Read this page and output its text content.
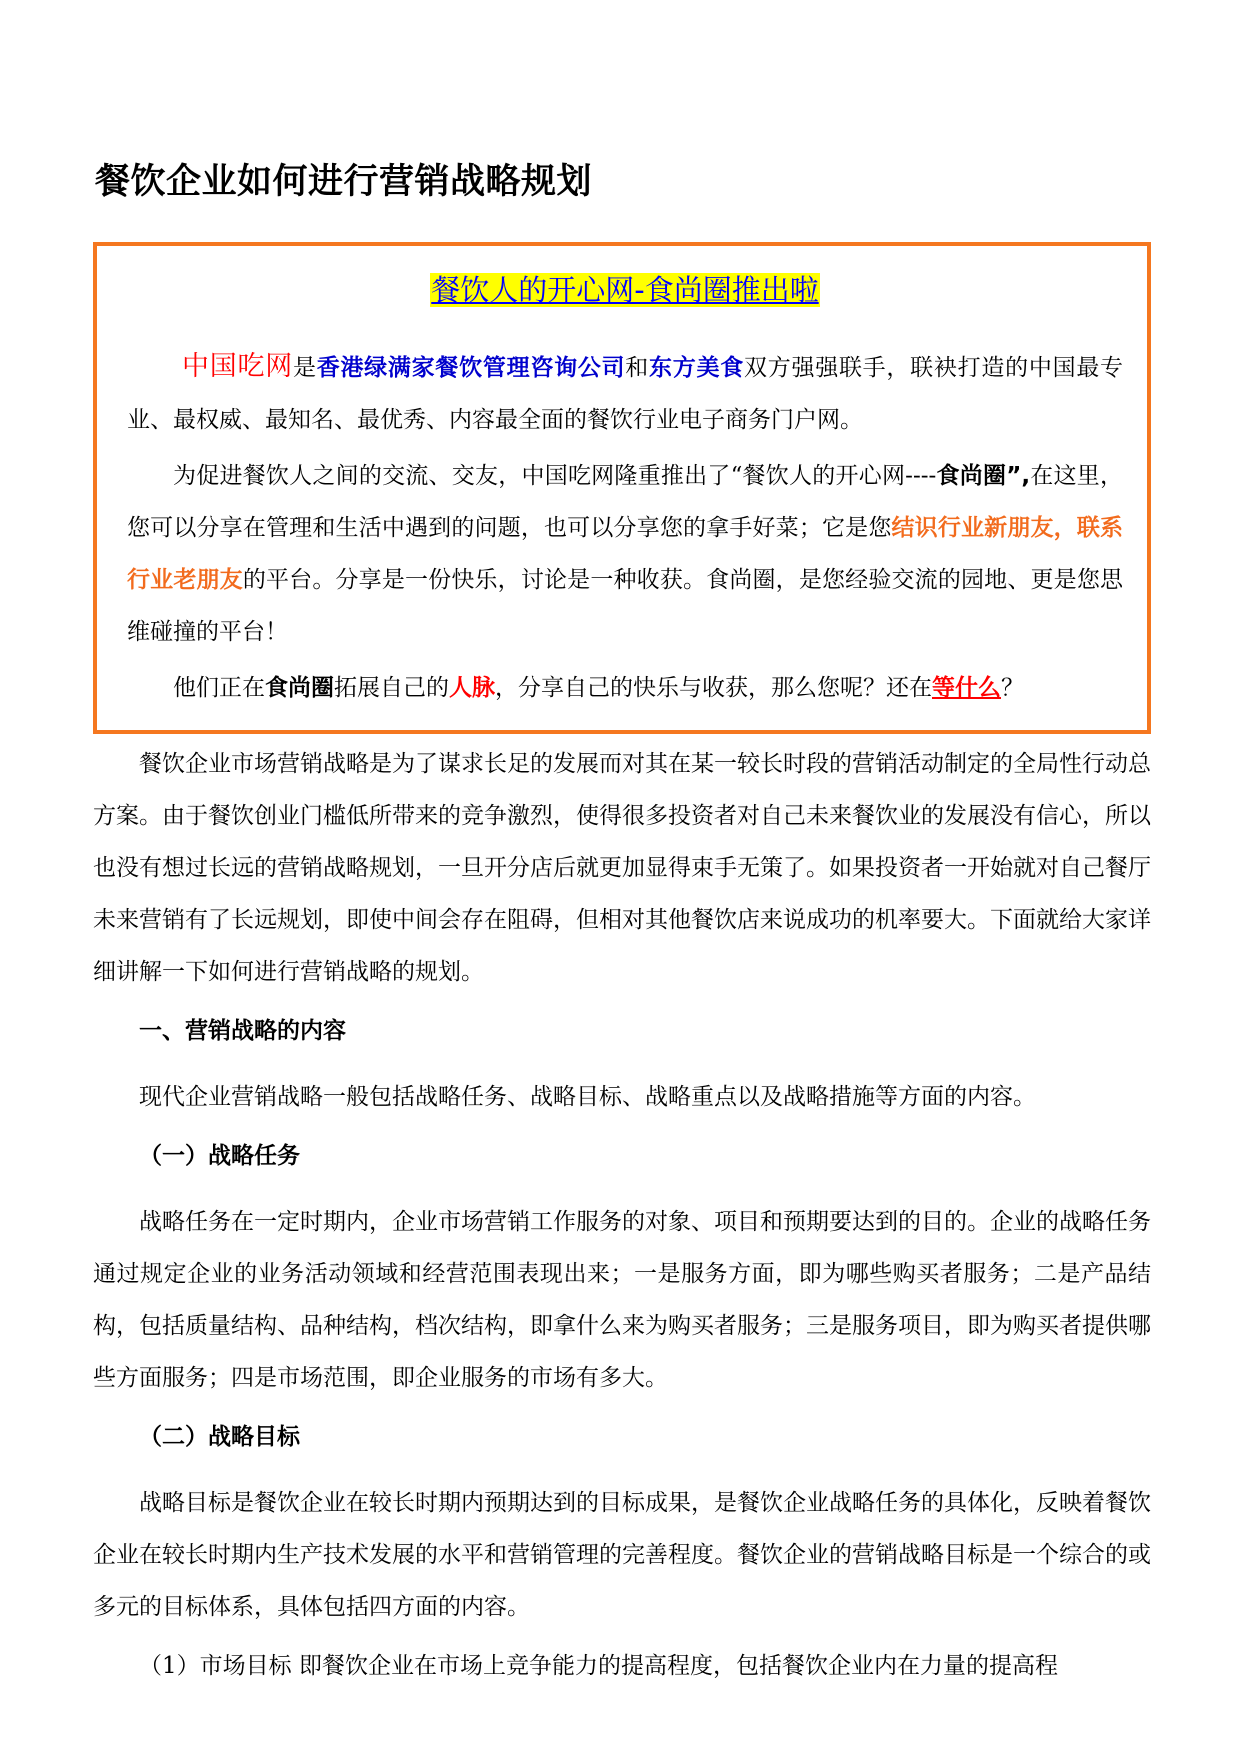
餐饮企业如何进行营销战略规划
餐饮人的开心网-食尚圈推出啦

中国吃网是香港绿满家餐饮管理咨询公司和东方美食双方强强联手，联袂打造的中国最专业、最权威、最知名、最优秀、内容最全面的餐饮行业电子商务门户网。

为促进餐饮人之间的交流、交友，中国吃网隆重推出了“餐饮人的开心网----食尚圈”,在这里，您可以分享在管理和生活中遇到的问题，也可以分享您的拿手好菜；它是您结识行业新朋友，联系行业老朋友的平台。分享是一份快乐，讨论是一种收获。食尚圈，是您经验交流的园地、更是您思维碰撞的平台！

他们正在食尚圈拓展自己的人脉，分享自己的快乐与收获，那么您呢？还在等什么？

餐饮企业市场营销战略是为了谋求长足的发展而对其在某一较长时段的营销活动制定的全局性行动总方案。由于餐饮创业门槛低所带来的竞争激烈，使得很多投资者对自己未来餐饮业的发展没有信心，所以也没有想过长远的营销战略规划，一旦开分店后就更加显得束手无策了。如果投资者一开始就对自己餐厅未来营销有了长远规划，即使中间会存在阻碍，但相对其他餐饮店来说成功的机率要大。下面就给大家详细讲解一下如何进行营销战略的规划。

一、营销战略的内容

现代企业营销战略一般包括战略任务、战略目标、战略重点以及战略措施等方面的内容。

（一）战略任务

战略任务在一定时期内，企业市场营销工作服务的对象、项目和预期要达到的目的。企业的战略任务通过规定企业的业务活动领域和经营范围表现出来；一是服务方面，即为哪些购买者服务；二是产品结构，包括质量结构、品种结构，档次结构，即拿什么来为购买者服务；三是服务项目，即为购买者提供哪些方面服务；四是市场范围，即企业服务的市场有多大。

（二）战略目标

战略目标是餐饮企业在较长时期内预期达到的目标成果，是餐饮企业战略任务的具体化，反映着餐饮企业在较长时期内生产技术发展的水平和营销管理的完善程度。餐饮企业的营销战略目标是一个综合的或多元的目标体系，具体包括四方面的内容。

（1）市场目标 即餐饮企业在市场上竞争能力的提高程度，包括餐饮企业内在力量的提高程
